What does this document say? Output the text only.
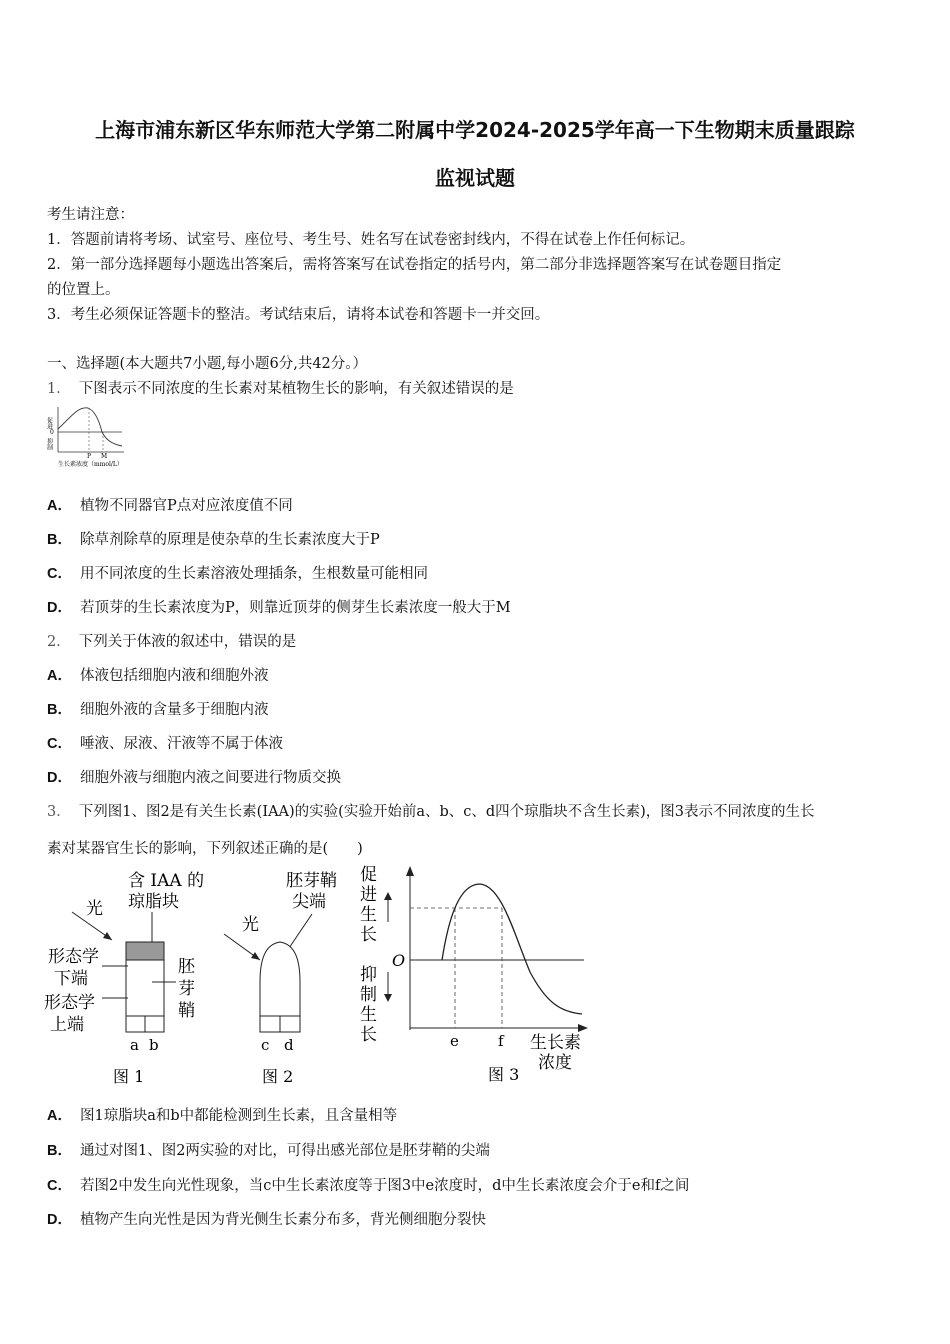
上海市浦东新区华东师范大学第二附属中学2024-2025学年高一下生物期末质量跟踪
监视试题
考生请注意：
1．答题前请将考场、试室号、座位号、考生号、姓名写在试卷密封线内，不得在试卷上作任何标记。
2．第一部分选择题每小题选出答案后，需将答案写在试卷指定的括号内，第二部分非选择题答案写在试卷题目指定
的位置上。
3．考生必须保证答题卡的整洁。考试结束后，请将本试卷和答题卡一并交回。
一、选择题(本大题共7小题,每小题6分,共42分。）
1． 下图表示不同浓度的生长素对某植物生长的影响，有关叙述错误的是
促进
0
抑制
P M
生长素浓度（mmol/L）
A． 植物不同器官P点对应浓度值不同
B． 除草剂除草的原理是使杂草的生长素浓度大于P
C． 用不同浓度的生长素溶液处理插条，生根数量可能相同
D． 若顶芽的生长素浓度为P，则靠近顶芽的侧芽生长素浓度一般大于M
2． 下列关于体液的叙述中，错误的是
A． 体液包括细胞内液和细胞外液
B． 细胞外液的含量多于细胞内液
C． 唾液、尿液、汗液等不属于体液
D． 细胞外液与细胞内液之间要进行物质交换
3． 下列图1、图2是有关生长素(IAA)的实验(实验开始前a、b、c、d四个琼脂块不含生长素)，图3表示不同浓度的生长
素对某器官生长的影响，下列叙述正确的是(　　)
含 IAA 的
琼脂块
光
形态学
下端
形态学
上端
胚
芽
鞘
a b
图 1
胚芽鞘
尖端
光
c d
图 2
促
进
生
长
O
抑
制
生
长	e	f 生长素
浓度
图 3
A． 图1琼脂块a和b中都能检测到生长素，且含量相等
B． 通过对图1、图2两实验的对比，可得出感光部位是胚芽鞘的尖端
C． 若图2中发生向光性现象，当c中生长素浓度等于图3中e浓度时，d中生长素浓度会介于e和f之间
D． 植物产生向光性是因为背光侧生长素分布多，背光侧细胞分裂快
